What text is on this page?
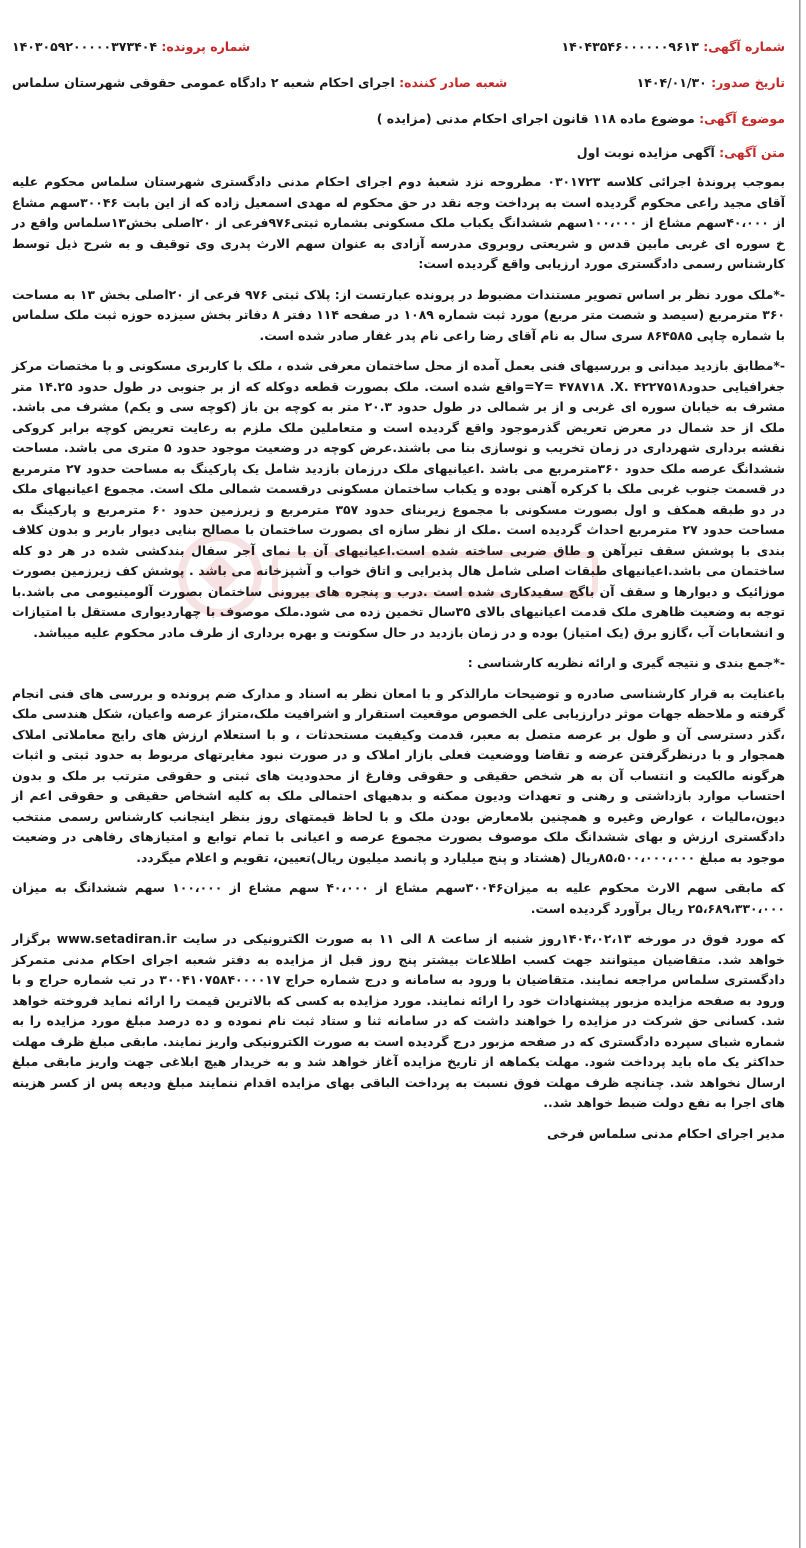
شماره آگهی: ۱۴۰۴۳۵۴۶۰۰۰۰۰۰۹۶۱۳
شماره پرونده: ۱۴۰۳۰۵۹۲۰۰۰۰۰۳۷۳۴۰۴
تاریخ صدور: ۱۴۰۴/۰۱/۳۰
شعبه صادر کننده: اجرای احکام شعبه ۲ دادگاه عمومی حقوقی شهرستان سلماس
موضوع آگهی: موضوع ماده ۱۱۸ قانون اجرای احکام مدنی (مزایده )
متن آگهی: آگهی مزایده نوبت اول

بموجب پروندهٔ اجرائی کلاسه ۰۳۰۱۷۲۳ مطروحه نزد شعبهٔ دوم اجرای احکام مدنی دادگستری شهرستان سلماس محکوم علیه آقای مجید راعی محکوم گردیده است به پرداخت وجه نقد در حق محکوم له مهدی اسمعیل زاده که از این بابت ۳۰۰۴۶سهم مشاع از ۴۰،۰۰۰سهم مشاع از ۱۰۰،۰۰۰سهم ششدانگ یکباب ملک مسکونی بشماره ثبتی۹۷۶فرعی از ۲۰اصلی بخش۱۳سلماس واقع در خ سوره ای غربی مابین قدس و شریعتی روبروی مدرسه آزادی به عنوان سهم الارث پدری وی توقیف و به شرح ذیل توسط کارشناس رسمی دادگستری مورد ارزیابی واقع گردیده است:

-*ملک مورد نظر بر اساس تصویر مستندات مضبوط در پرونده عبارتست از: پلاک ثبتی ۹۷۶ فرعی از ۲۰اصلی بخش ۱۳ به مساحت ۳۶۰ مترمربع (سیصد و شصت متر مربع) مورد ثبت شماره ۱۰۸۹ در صفحه ۱۱۴ دفتر ۸ دفاتر بخش سیزده حوزه ثبت ملک سلماس با شماره چاپی ۸۶۴۵۸۵ سری سال به نام آقای رضا راعی نام پدر غفار صادر شده است.

-*مطابق بازدید میدانی و بررسیهای فنی بعمل آمده از محل ساختمان معرفی شده ، ملک با کاربری مسکونی و با مختصات مرکز جغرافیایی حدود۴۲۲۷۵۱۸ .Y= ۴۷۸۷۱۸ .X=واقع شده است. ملک بصورت قطعه دوکله که از بر جنوبی در طول حدود ۱۴.۲۵ متر مشرف به خیابان سوره ای غربی و از بر شمالی در طول حدود ۲۰.۳ متر به کوچه بن باز (کوچه سی و یکم) مشرف می باشد. ملک از حد شمال در معرض تعریض گذرموجود واقع گردیده است و متعاملین ملک ملزم به رعایت تعریض کوچه برابر کروکی نقشه برداری شهرداری در زمان تخریب و نوسازی بنا می باشند.عرض کوچه در وضعیت موجود حدود ۵ متری می باشد. مساحت ششدانگ عرصه ملک حدود ۳۶۰مترمربع می باشد .اعیانیهای ملک درزمان بازدید شامل یک پارکینگ به مساحت حدود ۲۷ مترمربع در قسمت جنوب غربی ملک با کرکره آهنی بوده و یکباب ساختمان مسکونی درقسمت شمالی ملک است. مجموع اعیانیهای ملک در دو طبقه همکف و اول بصورت مسکونی با مجموع زیربنای حدود ۳۵۷ مترمربع و زیرزمین حدود ۶۰ مترمربع و پارکینگ به مساحت حدود ۲۷ مترمربع احداث گردیده است .ملک از نظر سازه ای بصورت ساختمان با مصالح بنایی دیوار باربر و بدون کلاف بندی با پوشش سقف تیرآهن و طاق ضربی ساخته شده است.اعیانیهای آن با نمای آجر سفال بندکشی شده در هر دو کله ساختمان می باشد.اعیانیهای طبقات اصلی شامل هال پذیرایی و اتاق خواب و آشپزخانه می باشد . پوشش کف زیرزمین بصورت موزائیک و دیوارها و سقف آن باگچ سفیدکاری شده است .درب و پنجره های بیرونی ساختمان بصورت آلومینیومی می باشد.با توجه به وضعیت ظاهری ملک قدمت اعیانیهای بالای ۳۵سال تخمین زده می شود.ملک موصوف با چهاردیواری مستقل با امتیازات و انشعابات آب ،گازو برق (یک امتیاز) بوده و در زمان بازدید در حال سکونت و بهره برداری از طرف مادر محکوم علیه میباشد.

-*جمع بندی و نتیجه گیری و ارائه نظریه کارشناسی :

باعنایت به قرار کارشناسی صادره و توضیحات مارالذکر و با امعان نظر به اسناد و مدارک ضم پرونده و بررسی های فنی انجام گرفته و ملاحظه جهات موثر درارزیابی علی الخصوص موقعیت استقرار و اشرافیت ملک،متراژ عرصه واعیان، شکل هندسی ملک ،گذر دسترسی آن و طول بر عرصه متصل به معبر، قدمت وکیفیت مستحدثات ، و با استعلام ارزش های رایج معاملاتی املاک همجوار و با درنظرگرفتن عرضه و تقاضا ووضعیت فعلی بازار املاک و در صورت نبود مغایرتهای مربوط به حدود ثبتی و اثبات هرگونه مالکیت و انتساب آن به هر شخص حقیقی و حقوقی وفارغ از محدودیت های ثبتی و حقوقی مترتب بر ملک و بدون احتساب موارد بازداشتی و رهنی و تعهدات ودیون ممکنه و بدهیهای احتمالی ملک به کلیه اشخاص حقیقی و حقوقی اعم از دیون،مالیات ، عوارض وغیره و همچنین بلامعارض بودن ملک و با لحاظ قیمتهای روز بنظر اینجانب کارشناس رسمی منتخب دادگستری ارزش و بهای ششدانگ ملک موصوف بصورت مجموع عرصه و اعیانی با تمام توابع و امتیازهای رفاهی در وضعیت موجود به مبلغ ۸۵،۵۰۰،۰۰۰،۰۰۰ریال (هشتاد و پنج میلیارد و پانصد میلیون ریال)تعیین، تقویم و اعلام میگردد.

که مابقی سهم الارث محکوم علیه به میزان۳۰۰۴۶سهم مشاع از ۴۰،۰۰۰ سهم مشاع از ۱۰۰،۰۰۰ سهم ششدانگ به میزان ۲۵،۶۸۹،۳۳۰،۰۰۰ ریال برآورد گردیده است.

که مورد فوق در مورخه ۱۴۰۴،۰۲،۱۳روز شنبه از ساعت ۸ الی ۱۱ به صورت الکترونیکی در سایت www.setadiran.ir برگزار خواهد شد. متقاضیان میتوانند جهت کسب اطلاعات بیشتر پنج روز قبل از مزایده به دفتر شعبه اجرای احکام مدنی متمرکز دادگستری سلماس مراجعه نمایند. متقاضیان با ورود به سامانه و درج شماره حراج ۳۰۰۴۱۰۷۵۸۴۰۰۰۰۱۷ در تب شماره حراج و با ورود به صفحه مزایده مزبور پیشنهادات خود را ارائه نمایند. مورد مزایده به کسی که بالاترین قیمت را ارائه نماید فروخته خواهد شد. کسانی حق شرکت در مزایده را خواهند داشت که در سامانه ثنا و ستاد ثبت نام نموده و ده درصد مبلغ مورد مزایده را به شماره شبای سپرده دادگستری که در صفحه مزبور درج گردیده است به صورت الکترونیکی واریز نمایند. مابقی مبلغ ظرف مهلت حداکثر یک ماه باید پرداخت شود. مهلت یکماهه از تاریخ مزایده آغاز خواهد شد و به خریدار هیچ ابلاغی جهت واریز مابقی مبلغ ارسال نخواهد شد. چنانچه ظرف مهلت فوق نسبت به پرداخت الباقی بهای مزایده اقدام ننمایند مبلغ ودیعه پس از کسر هزینه های اجرا به نفع دولت ضبط خواهد شد..

مدیر اجرای احکام مدنی سلماس فرخی
